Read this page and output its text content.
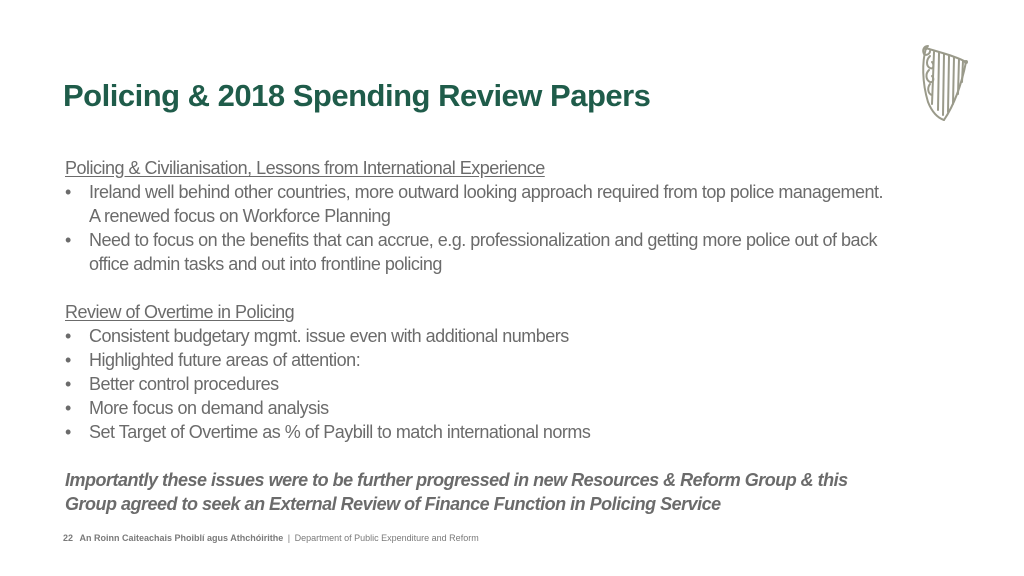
Policing & 2018 Spending Review Papers
Policing & Civilianisation, Lessons from International Experience
•	Ireland well behind other countries, more outward looking approach required from top police management. A renewed focus on Workforce Planning
•	Need to focus on the benefits that can accrue, e.g. professionalization and getting more police out of back office admin tasks and out into frontline policing
Review of Overtime in Policing
•	Consistent budgetary mgmt. issue even with additional numbers
•	Highlighted future areas of attention:
•	Better control procedures
•	More focus on demand analysis
•	Set Target of Overtime as % of Paybill to match international norms
Importantly these issues were to be further progressed in new Resources & Reform Group & this Group agreed to seek an External Review of Finance Function in Policing Service
22 An Roinn Caiteachais Phoiblí agus Athchóirithe | Department of Public Expenditure and Reform
